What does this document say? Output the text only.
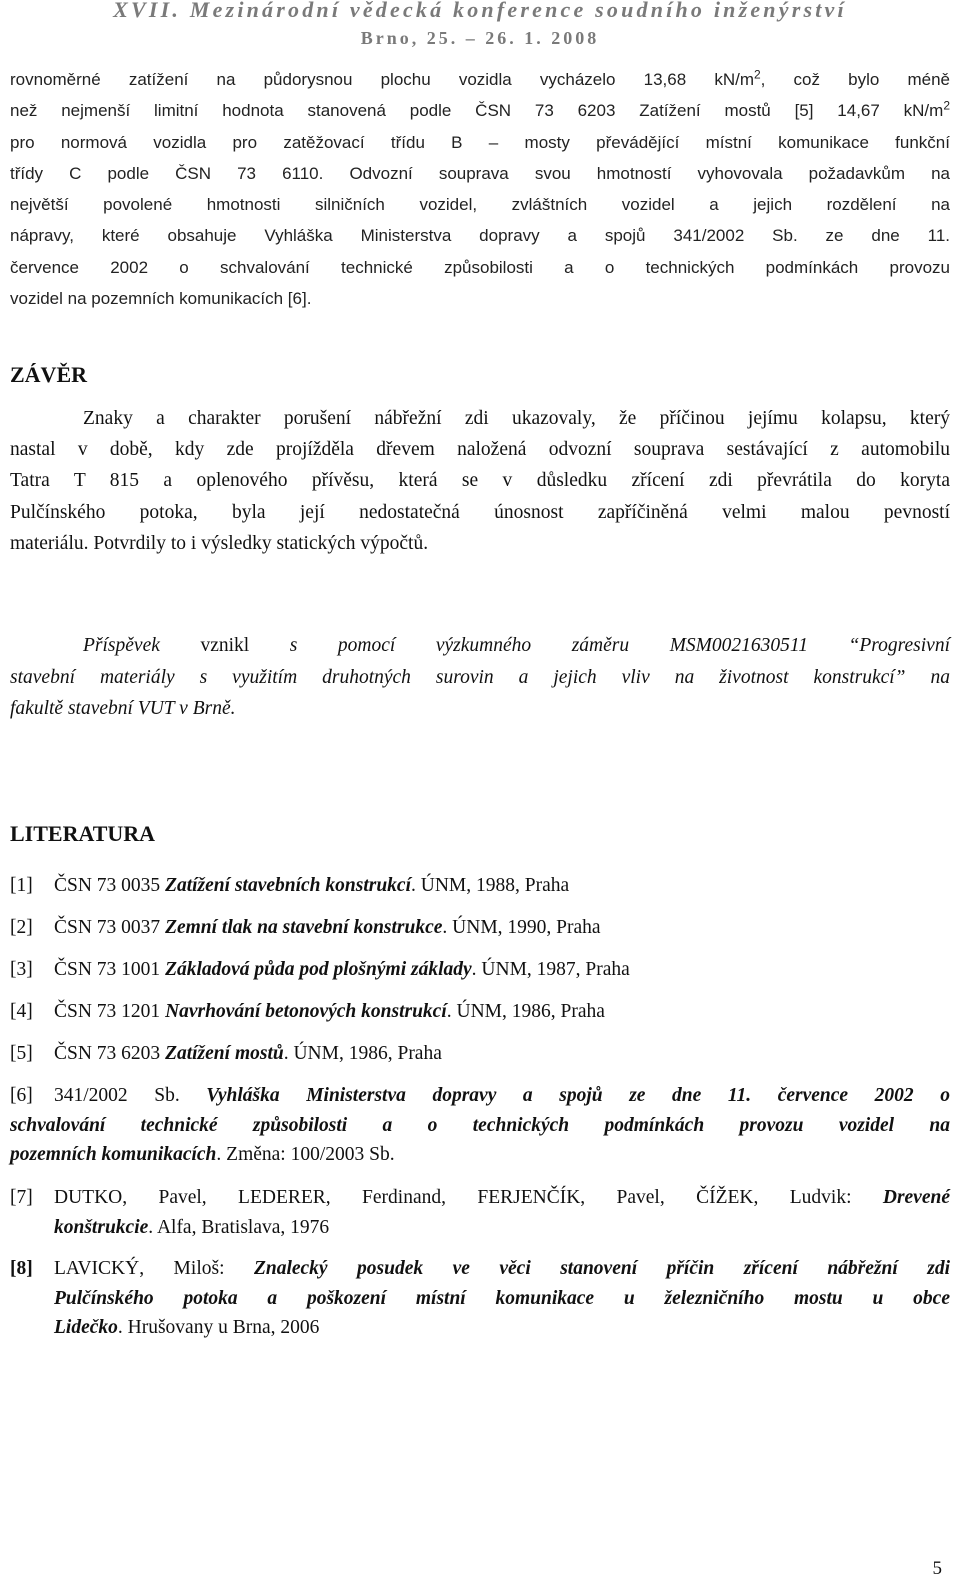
XVII. Mezinárodní vědecká konference soudního inženýrství
Brno, 25. – 26. 1. 2008
rovnoměrné zatížení na půdorysnou plochu vozidla vycházelo 13,68 $kN/m^2$, což bylo méně
než nejmenší limitní hodnota stanovená podle ČSN 73 6203 Zatížení mostů [5] 14,67 $kN/m^2$
pro normová vozidla pro zatěžovací třídu B – mosty převádějící místní komunikace funkční
třídy C podle ČSN 73 6110. Odvozní souprava svou hmotností vyhovovala požadavkům na
největší povolené hmotnosti silničních vozidel, zvláštních vozidel a jejich rozdělení na
nápravy, které obsahuje Vyhláška Ministerstva dopravy a spojů 341/2002 Sb. ze dne 11.
července 2002 o schvalování technické způsobilosti a o technických podmínkách provozu
vozidel na pozemních komunikacích [6].
ZÁVĚR
Znaky a charakter porušení nábřežní zdi ukazovaly, že příčinou jejímu kolapsu, který
nastal v době, kdy zde projížděla dřevem naložená odvozní souprava sestávající z automobilu
Tatra T 815 a oplenového přívěsu, která se v důsledku zřícení zdi převrátila do koryta
Pulčínského potoka, byla její nedostatečná únosnost zapříčiněná velmi malou pevností
materiálu. Potvrdily to i výsledky statických výpočtů.
Příspěvek vznikl s pomocí výzkumného záměru MSM0021630511 “Progresivní
stavební materiály s využitím druhotných surovin a jejich vliv na životnost konstrukcí” na
fakultě stavební VUT v Brně.
LITERATURA
[1] ČSN 73 0035 Zatížení stavebních konstrukcí. ÚNM, 1988, Praha
[2] ČSN 73 0037 Zemní tlak na stavební konstrukce. ÚNM, 1990, Praha
[3] ČSN 73 1001 Základová půda pod plošnými základy. ÚNM, 1987, Praha
[4] ČSN 73 1201 Navrhování betonových konstrukcí. ÚNM, 1986, Praha
[5] ČSN 73 6203 Zatížení mostů. ÚNM, 1986, Praha
[6] 341/2002 Sb. Vyhláška Ministerstva dopravy a spojů ze dne 11. července 2002 o
schvalování technické způsobilosti a o technických podmínkách provozu vozidel na
pozemních komunikacích. Změna: 100/2003 Sb.
[7] DUTKO, Pavel, LEDERER, Ferdinand, FERJENČÍK, Pavel, ČÍŽEK, Ludvik: Drevené
konštrukcie. Alfa, Bratislava, 1976
[8] LAVICKÝ, Miloš: Znalecký posudek ve věci stanovení příčin zřícení nábřežní zdi
Pulčínského potoka a poškození místní komunikace u železničního mostu u obce
Lidečko. Hrušovany u Brna, 2006
5
